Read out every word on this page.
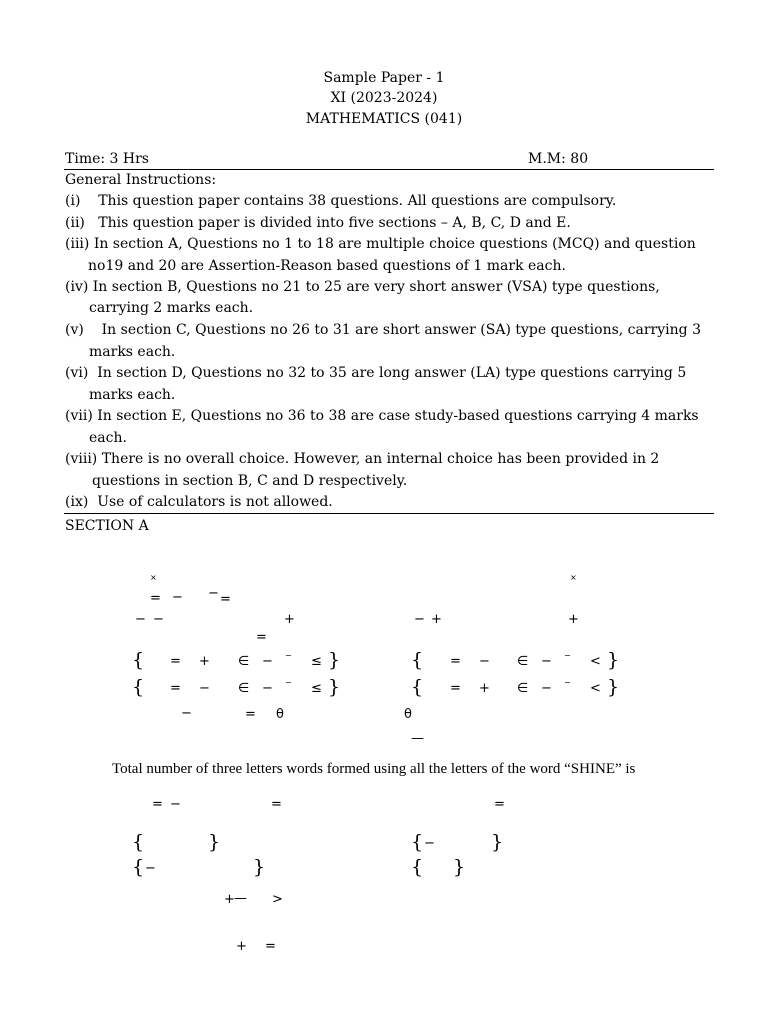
Sample Paper - 1
XI (2023-2024)
MATHEMATICS (041)
Time: 3 Hrs	M.M: 80
General Instructions:
(i) This question paper contains 38 questions. All questions are compulsory.
(ii) This question paper is divided into five sections – A, B, C, D and E.
(iii) In section A, Questions no 1 to 18 are multiple choice questions (MCQ) and question
no19 and 20 are Assertion-Reason based questions of 1 mark each.
(iv) In section B, Questions no 21 to 25 are very short answer (VSA) type questions,
carrying 2 marks each.
(v) In section C, Questions no 26 to 31 are short answer (SA) type questions, carrying 3
marks each.
(vi) In section D, Questions no 32 to 35 are long answer (LA) type questions carrying 5
marks each.
(vii) In section E, Questions no 36 to 38 are case study-based questions carrying 4 marks
each.
(viii) There is no overall choice. However, an internal choice has been provided in 2
questions in section B, C and D respectively.
(ix) Use of calculators is not allowed.
SECTION A
×	×
= − − =
− −	+	− +	+
=
{ = + ∈ − − ≤ }	{ = − ∈ − − < }
{ = − ∈ − − ≤ }	{ = + ∈ − − < }
−	= θ	θ
—
Total number of three letters words formed using all the letters of the word “SHINE” is
= −	=	=
{	}	{ −	}
{ −	}	{ }
+ — >
+ =
